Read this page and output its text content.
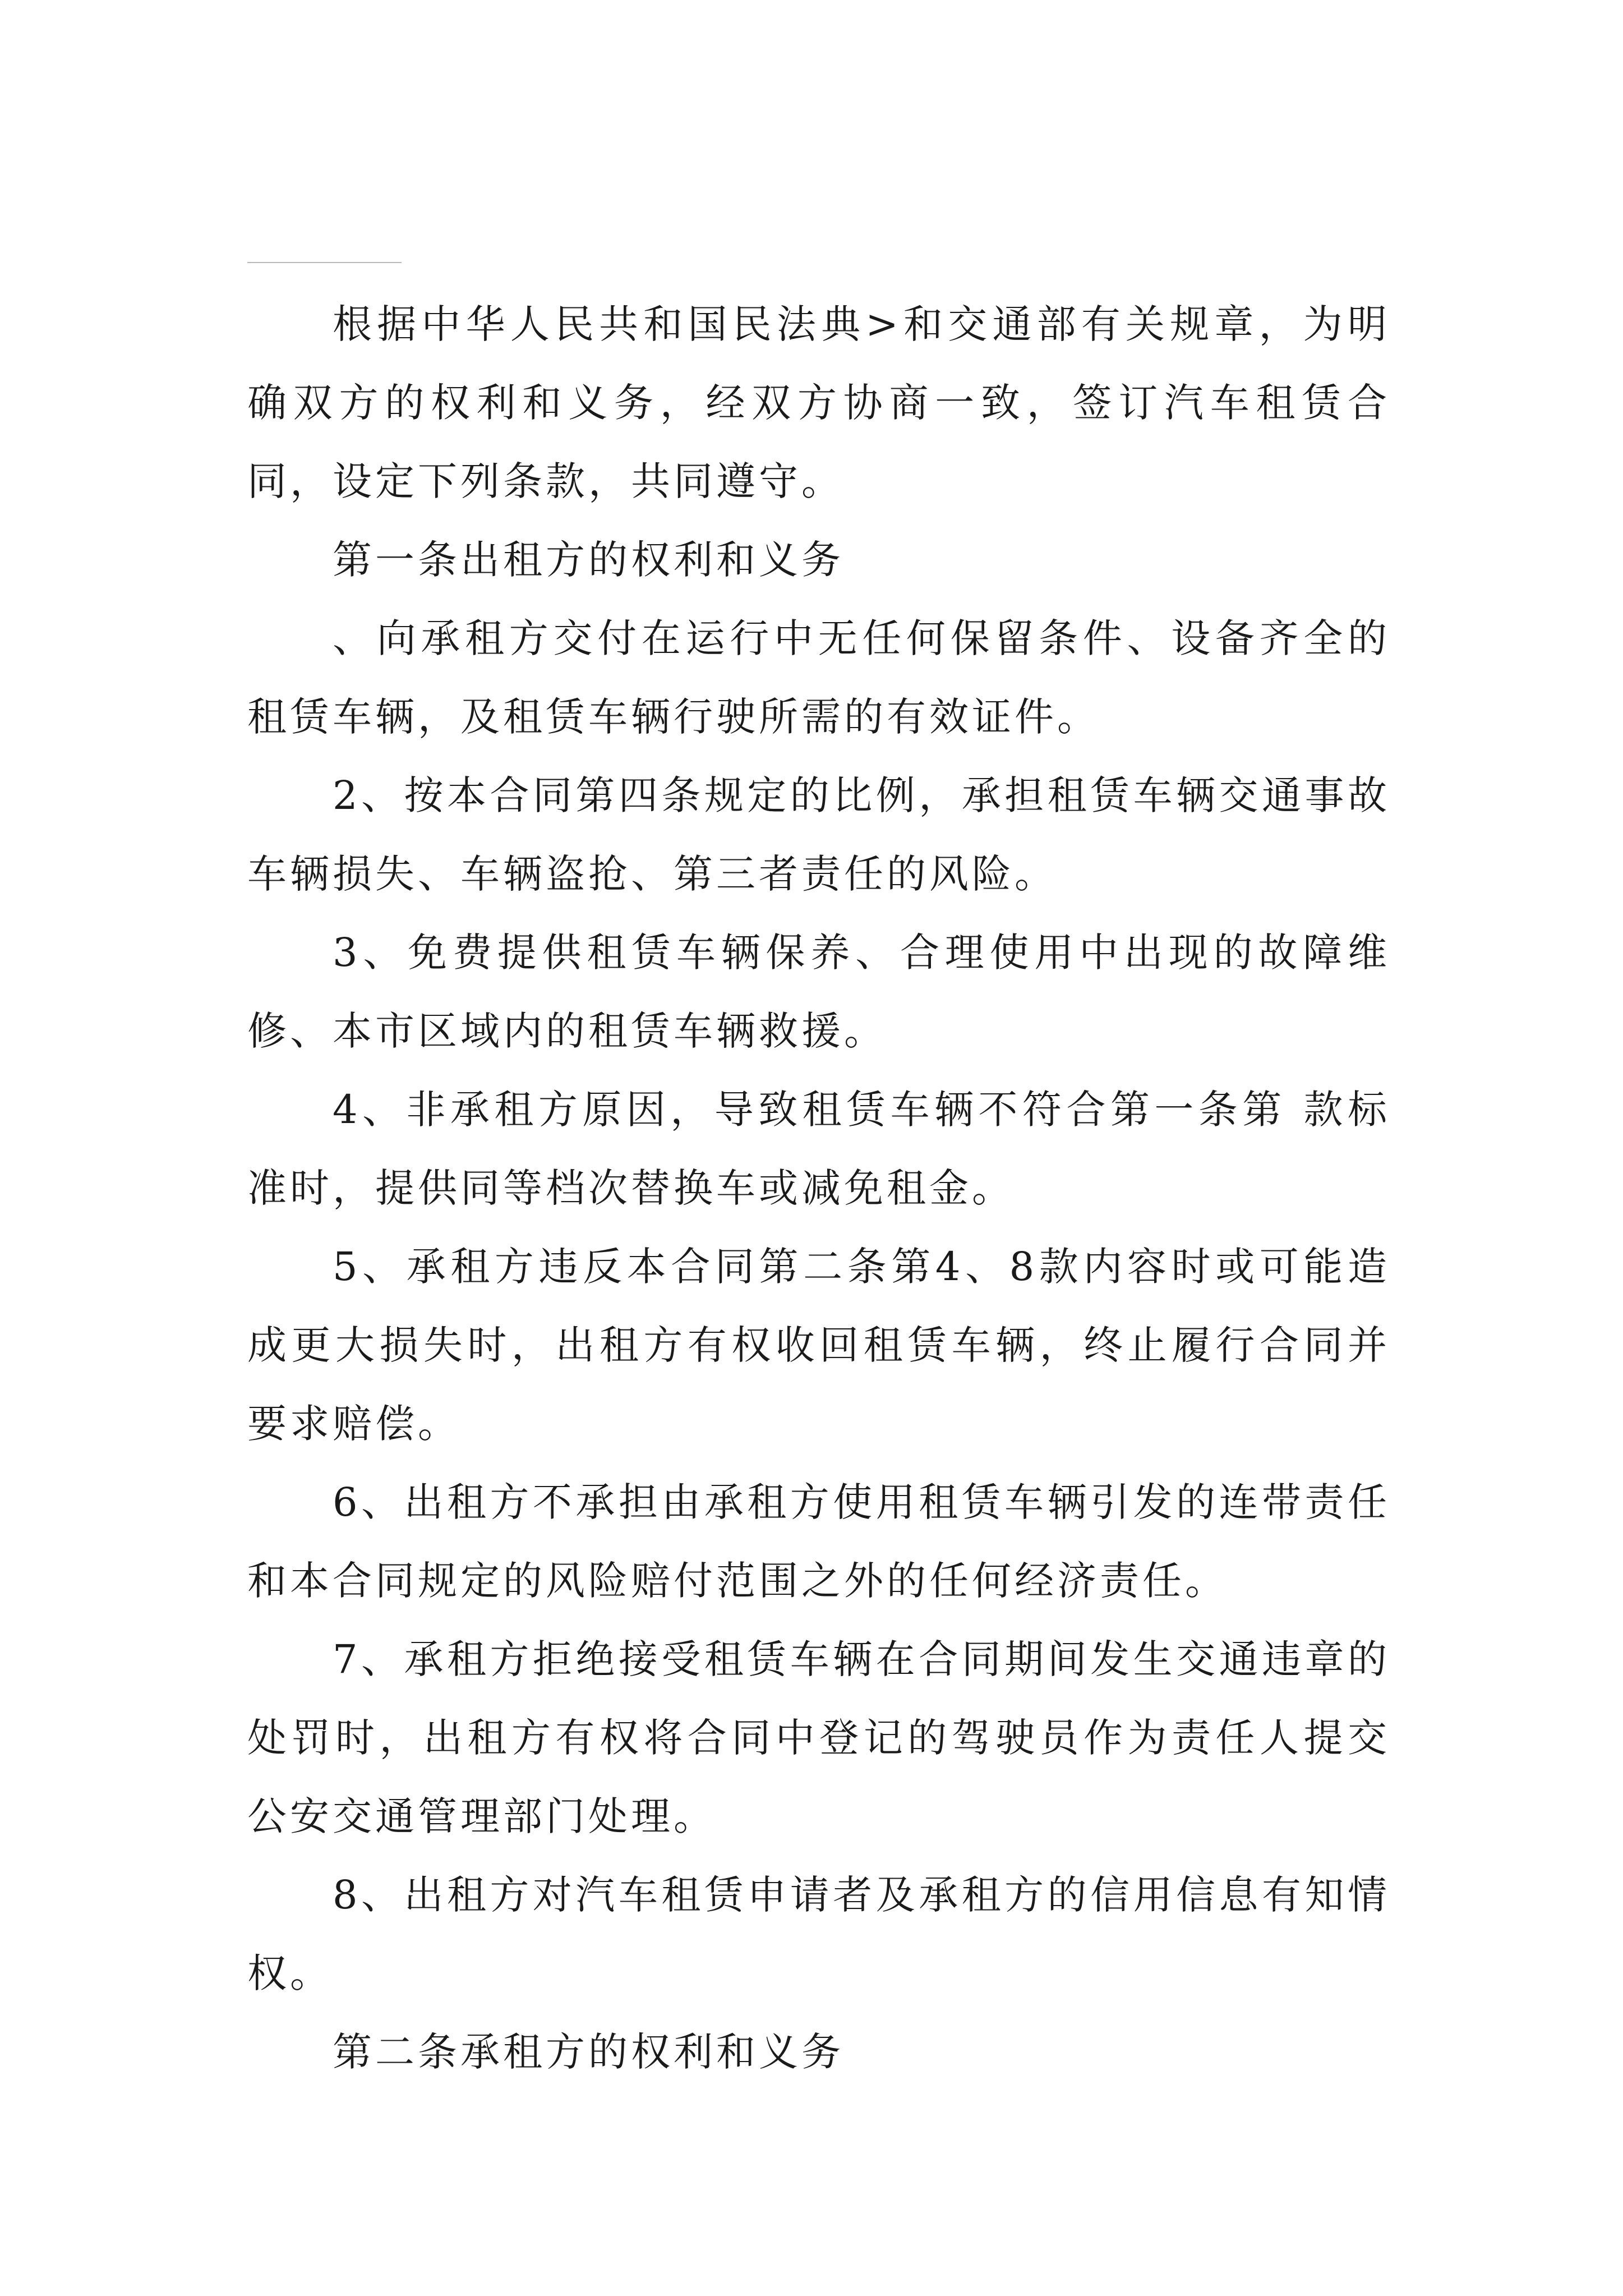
根据中华人民共和国民法典>和交通部有关规章，为明确双方的权利和义务，经双方协商一致，签订汽车租赁合同，设定下列条款，共同遵守。

第一条出租方的权利和义务

、向承租方交付在运行中无任何保留条件、设备齐全的租赁车辆，及租赁车辆行驶所需的有效证件。

2、按本合同第四条规定的比例，承担租赁车辆交通事故车辆损失、车辆盗抢、第三者责任的风险。

3、免费提供租赁车辆保养、合理使用中出现的故障维修、本市区域内的租赁车辆救援。

4、非承租方原因，导致租赁车辆不符合第一条第 款标准时，提供同等档次替换车或减免租金。

5、承租方违反本合同第二条第4、8款内容时或可能造成更大损失时，出租方有权收回租赁车辆，终止履行合同并要求赔偿。

6、出租方不承担由承租方使用租赁车辆引发的连带责任和本合同规定的风险赔付范围之外的任何经济责任。

7、承租方拒绝接受租赁车辆在合同期间发生交通违章的处罚时，出租方有权将合同中登记的驾驶员作为责任人提交公安交通管理部门处理。

8、出租方对汽车租赁申请者及承租方的信用信息有知情权。

第二条承租方的权利和义务
